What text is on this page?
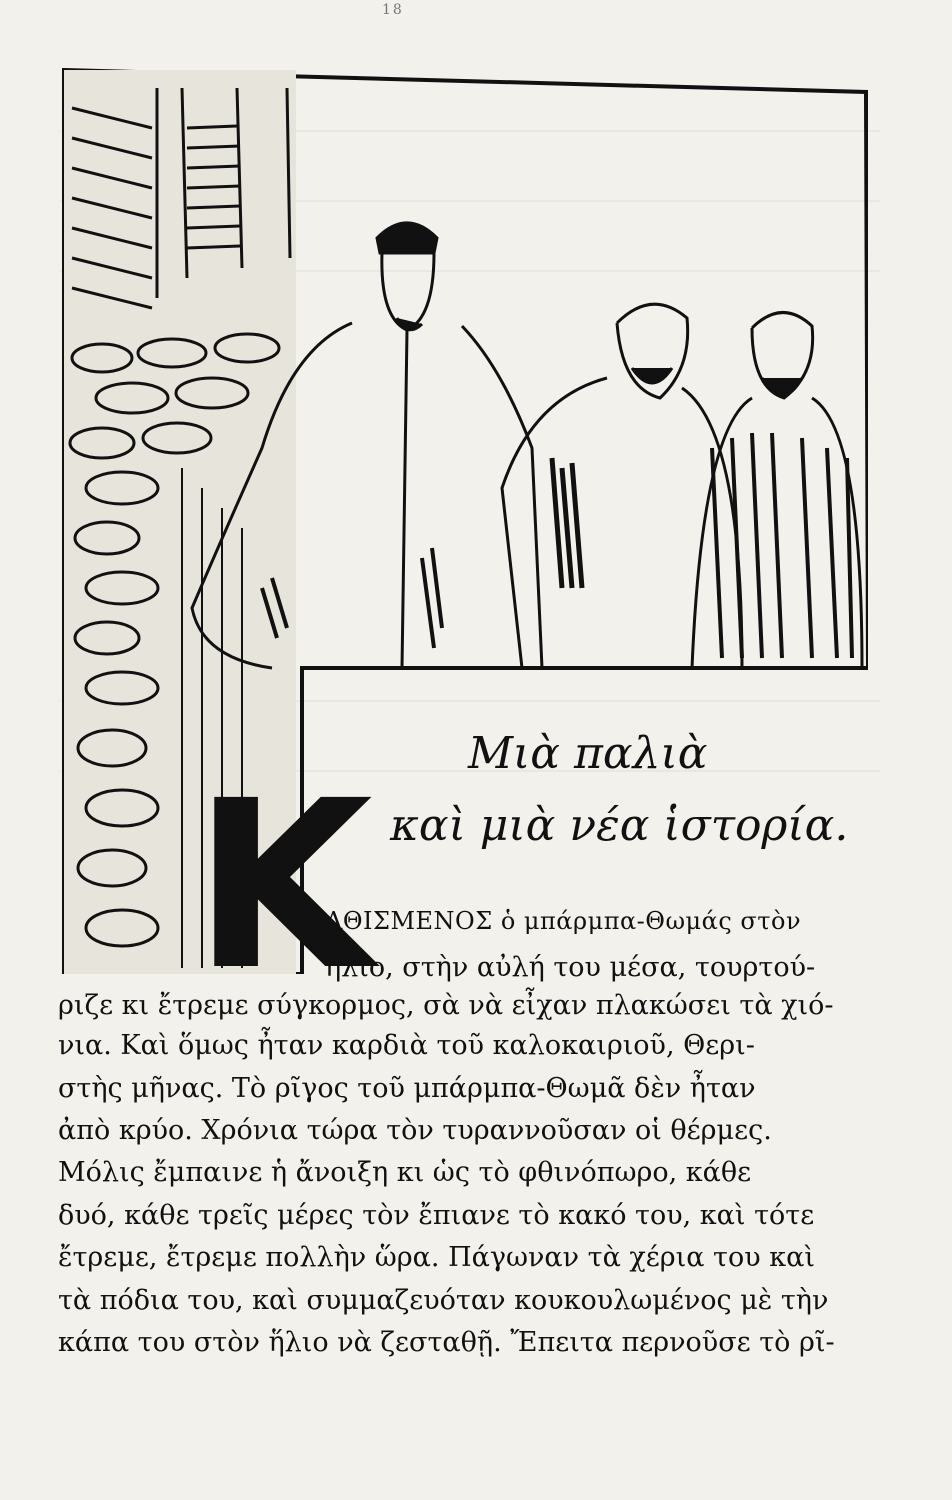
18
Μιὰ παλιὰ
καὶ μιὰ νέα ἱστορία.
Κ
ΑΘΙΣΜΕΝΟΣ ὁ μπάρμπα-Θωμάς στὸν
ἥλιο, στὴν αὐλή του μέσα, τουρτού-
ριζε κι ἔτρεμε σύγκορμος, σὰ νὰ εἶχαν πλακώσει τὰ χιό-
νια. Καὶ ὅμως ἦταν καρδιὰ τοῦ καλοκαιριοῦ, Θερι-
στὴς μῆνας. Τὸ ρῖγος τοῦ μπάρμπα-Θωμᾶ δὲν ἦταν
ἀπὸ κρύο. Χρόνια τώρα τὸν τυραννοῦσαν οἱ θέρμες.
Μόλις ἔμπαινε ἡ ἄνοιξη κι ὡς τὸ φθινόπωρο, κάθε
δυό, κάθε τρεῖς μέρες τὸν ἔπιανε τὸ κακό του, καὶ τότε
ἔτρεμε, ἔτρεμε πολλὴν ὥρα. Πάγωναν τὰ χέρια του καὶ
τὰ πόδια του, καὶ συμμαζευόταν κουκουλωμένος μὲ τὴν
κάπα του στὸν ἥλιο νὰ ζεσταθῇ. Ἔπειτα περνοῦσε τὸ ρῖ-
